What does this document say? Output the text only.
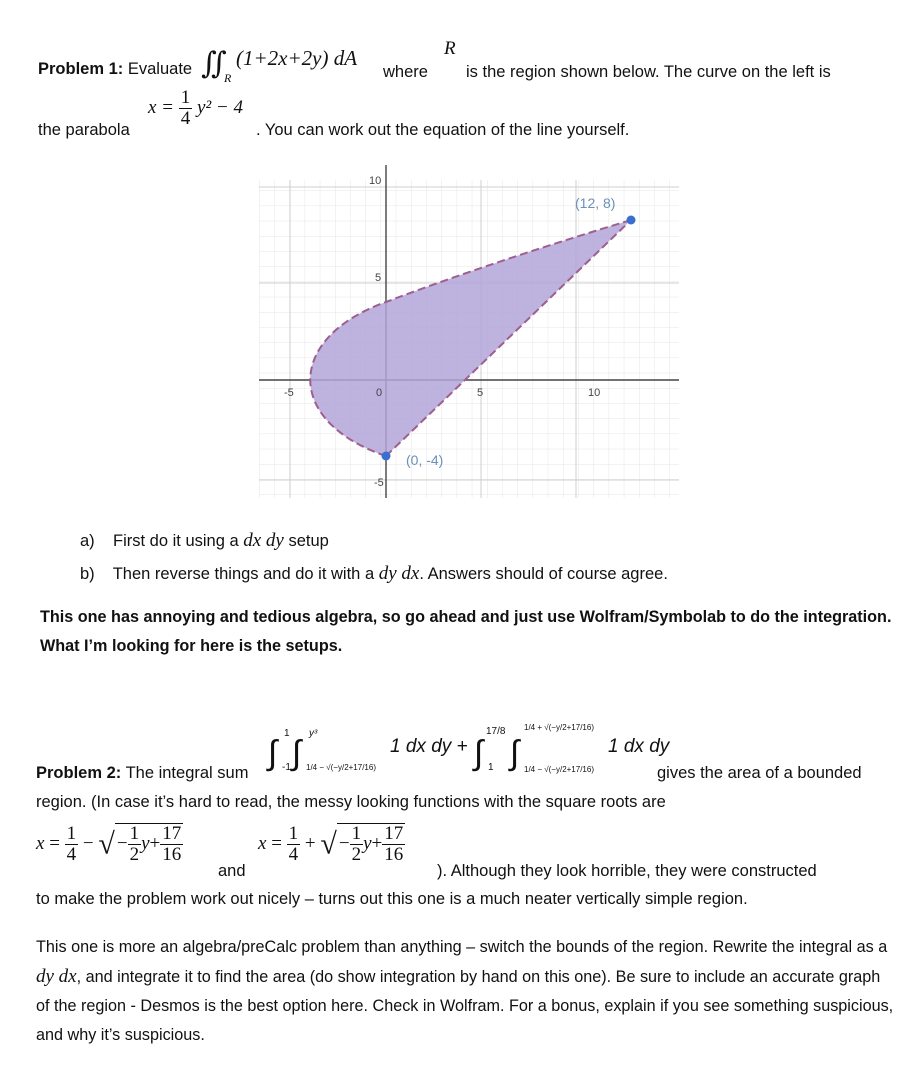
Problem 1: Evaluate ∬
R
(1+2x+2y) dA
where
R
is the region shown below. The curve on the left is
the parabola
$x = \frac{1}{4} y^2 - 4$
. You can work out the equation of the line yourself.
(12, 8)
(0, -4)
-5	0	5	10
10
5
-5
a) First do it using a dx dy setup
b) Then reverse things and do it with a dy dx. Answers should of course agree.
This one has annoying and tedious algebra, so go ahead and just use Wolfram/Symbolab to do the integration. What I’m looking for here is the setups.
∫
1
-1 ∫
y³
1/4 − √(−y/2+17/16)
1 dx dy + ∫
17/8
1 ∫
1/4 + √(−y/2+17/16)
1/4 − √(−y/2+17/16)
1 dx dy
Problem 2: The integral sum	gives the area of a bounded
region. (In case it’s hard to read, the messy looking functions with the square roots are
$x = \frac{1}{4}$ − √ − $\frac{1}{2} y+ \frac{17}{16}$
and
$x = \frac{1}{4}$ + √ − $\frac{1}{2} y+ \frac{17}{16}$
). Although they look horrible, they were constructed
to make the problem work out nicely – turns out this one is a much neater vertically simple region.
This one is more an algebra/preCalc problem than anything – switch the bounds of the region. Rewrite the integral as a dy dx, and integrate it to find the area (do show integration by hand on this one). Be sure to include an accurate graph of the region - Desmos is the best option here. Check in Wolfram. For a bonus, explain if you see something suspicious, and why it’s suspicious.
